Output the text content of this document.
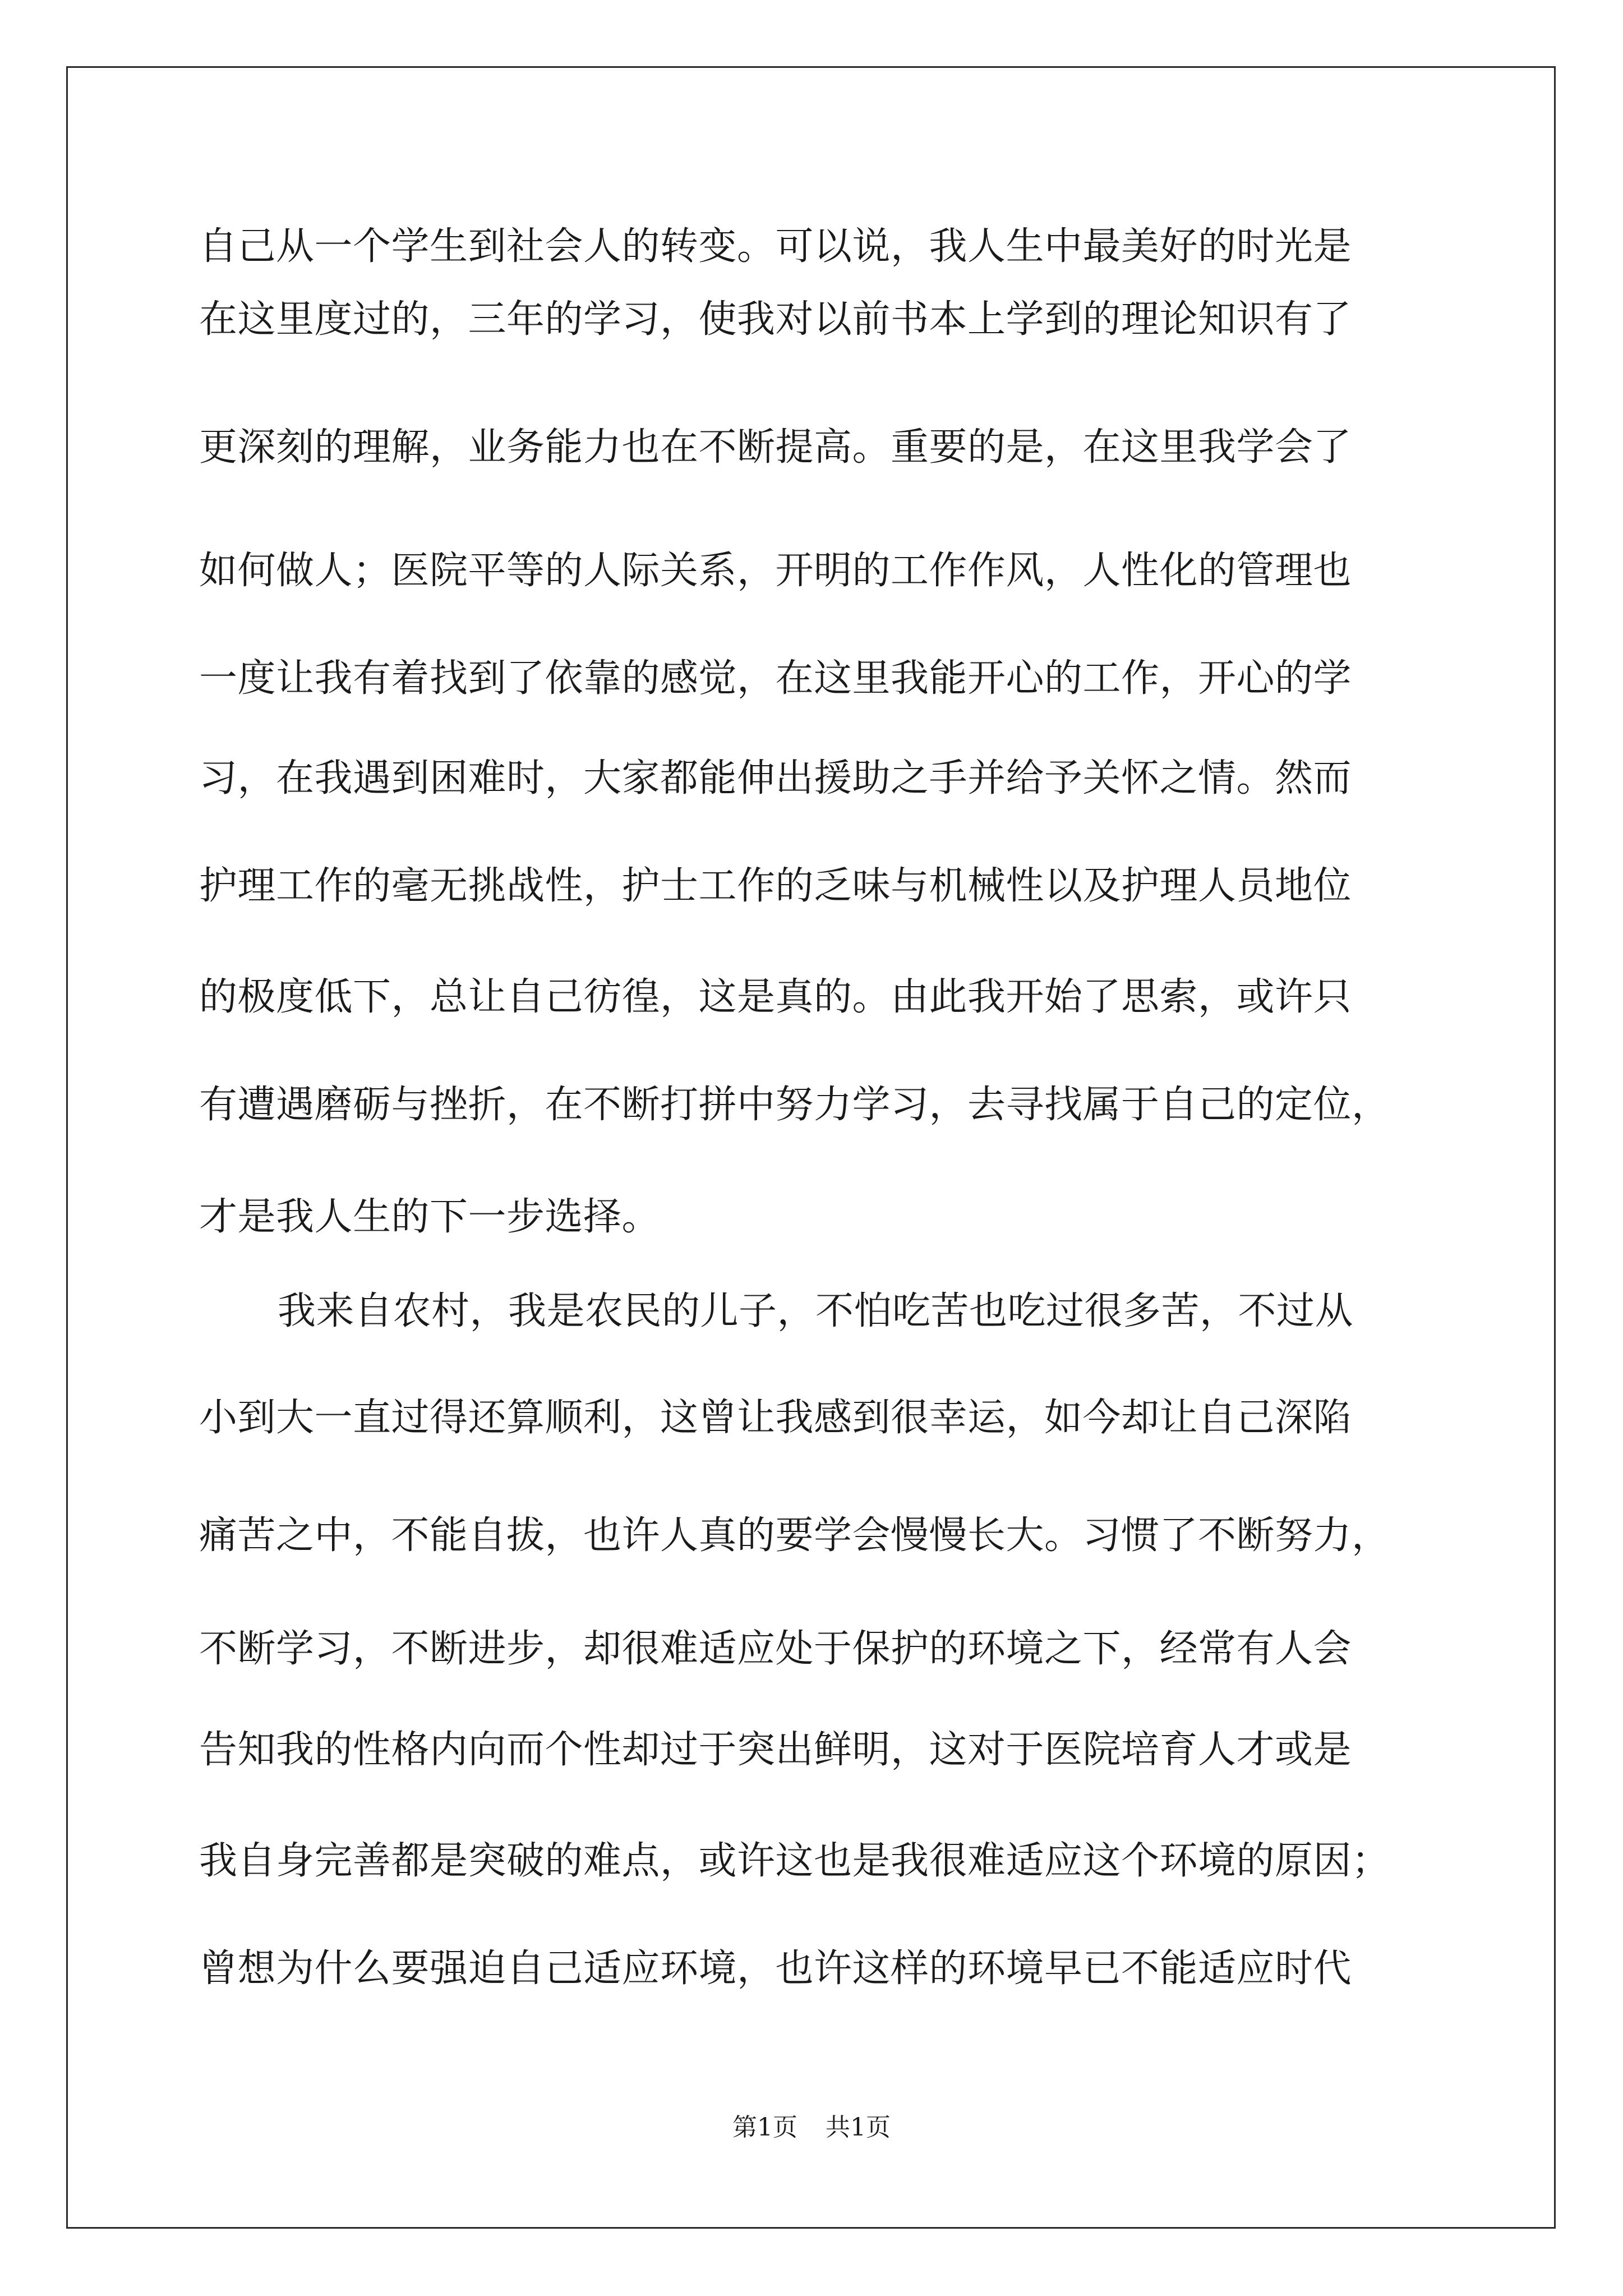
自己从一个学生到社会人的转变。可以说，我人生中最美好的时光是
在这里度过的，三年的学习，使我对以前书本上学到的理论知识有了
更深刻的理解，业务能力也在不断提高。重要的是，在这里我学会了
如何做人；医院平等的人际关系，开明的工作作风，人性化的管理也
一度让我有着找到了依靠的感觉，在这里我能开心的工作，开心的学
习，在我遇到困难时，大家都能伸出援助之手并给予关怀之情。然而
护理工作的毫无挑战性，护士工作的乏味与机械性以及护理人员地位
的极度低下，总让自己彷徨，这是真的。由此我开始了思索，或许只
有遭遇磨砺与挫折，在不断打拼中努力学习，去寻找属于自己的定位，
才是我人生的下一步选择。
我来自农村，我是农民的儿子，不怕吃苦也吃过很多苦，不过从
小到大一直过得还算顺利，这曾让我感到很幸运，如今却让自己深陷
痛苦之中，不能自拔，也许人真的要学会慢慢长大。习惯了不断努力，
不断学习，不断进步，却很难适应处于保护的环境之下，经常有人会
告知我的性格内向而个性却过于突出鲜明，这对于医院培育人才或是
我自身完善都是突破的难点，或许这也是我很难适应这个环境的原因；
曾想为什么要强迫自己适应环境，也许这样的环境早已不能适应时代
第1页 共1页
